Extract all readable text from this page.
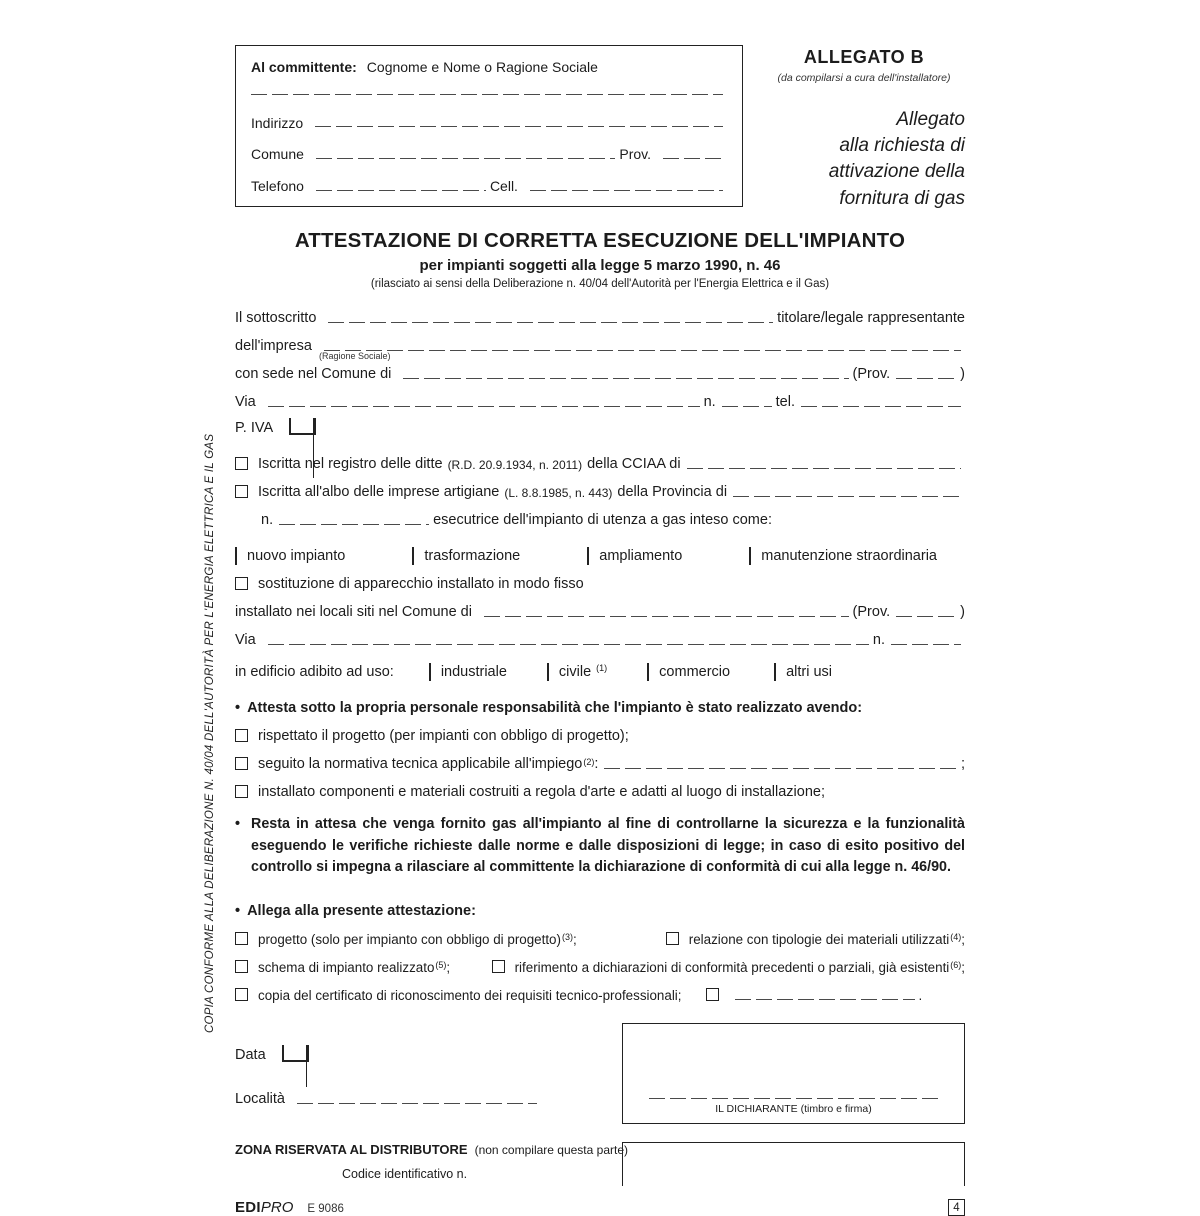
COPIA CONFORME ALLA DELIBERAZIONE N. 40/04 DELL'AUTORITÀ PER L'ENERGIA ELETTRICA E IL GAS
Al committente: Cognome e Nome o Ragione Sociale
Indirizzo
Comune	Prov.
Telefono	Cell.
ALLEGATO B
(da compilarsi a cura dell'installatore)
Allegato
alla richiesta di
attivazione della
fornitura di gas
ATTESTAZIONE DI CORRETTA ESECUZIONE DELL'IMPIANTO
per impianti soggetti alla legge 5 marzo 1990, n. 46
(rilasciato ai sensi della Deliberazione n. 40/04 dell'Autorità per l'Energia Elettrica e il Gas)
Il sottoscritto	titolare/legale rappresentante
dell'impresa
(Ragione Sociale)
con sede nel Comune di	(Prov.	)
Via	n.	tel.
P. IVA
Iscritta nel registro delle ditte (R.D. 20.9.1934, n. 2011) della CCIAA di
Iscritta all'albo delle imprese artigiane (L. 8.8.1985, n. 443) della Provincia di
n.	esecutrice dell'impianto di utenza a gas inteso come:
nuovo impianto	trasformazione	ampliamento	manutenzione straordinaria
sostituzione di apparecchio installato in modo fisso
installato nei locali siti nel Comune di	(Prov.	)
Via	n.
in edificio adibito ad uso:	industriale	civile $^{(1)}$	commercio	altri usi
• Attesta sotto la propria personale responsabilità che l'impianto è stato realizzato avendo:
rispettato il progetto (per impianti con obbligo di progetto);
seguito la normativa tecnica applicabile all'impiego (2) :	;
installato componenti e materiali costruiti a regola d'arte e adatti al luogo di installazione;
• Resta in attesa che venga fornito gas all'impianto al fine di controllarne la sicurezza e la funzionalità eseguendo le verifiche richieste dalle norme e dalle disposizioni di legge; in caso di esito positivo del controllo si impegna a rilasciare al committente la dichiarazione di conformità di cui alla legge n. 46/90.
• Allega alla presente attestazione:
progetto (solo per impianto con obbligo di progetto) (3) ;	relazione con tipologie dei materiali utilizzati (4) ;
schema di impianto realizzato (5) ;	riferimento a dichiarazioni di conformità precedenti o parziali, già esistenti (6) ;
copia del certificato di riconoscimento dei requisiti tecnico-professionali;	.
Data
Località
IL DICHIARANTE (timbro e firma)
ZONA RISERVATA AL DISTRIBUTORE (non compilare questa parte)
Codice identificativo n.
EDI PRO E 9086	4
